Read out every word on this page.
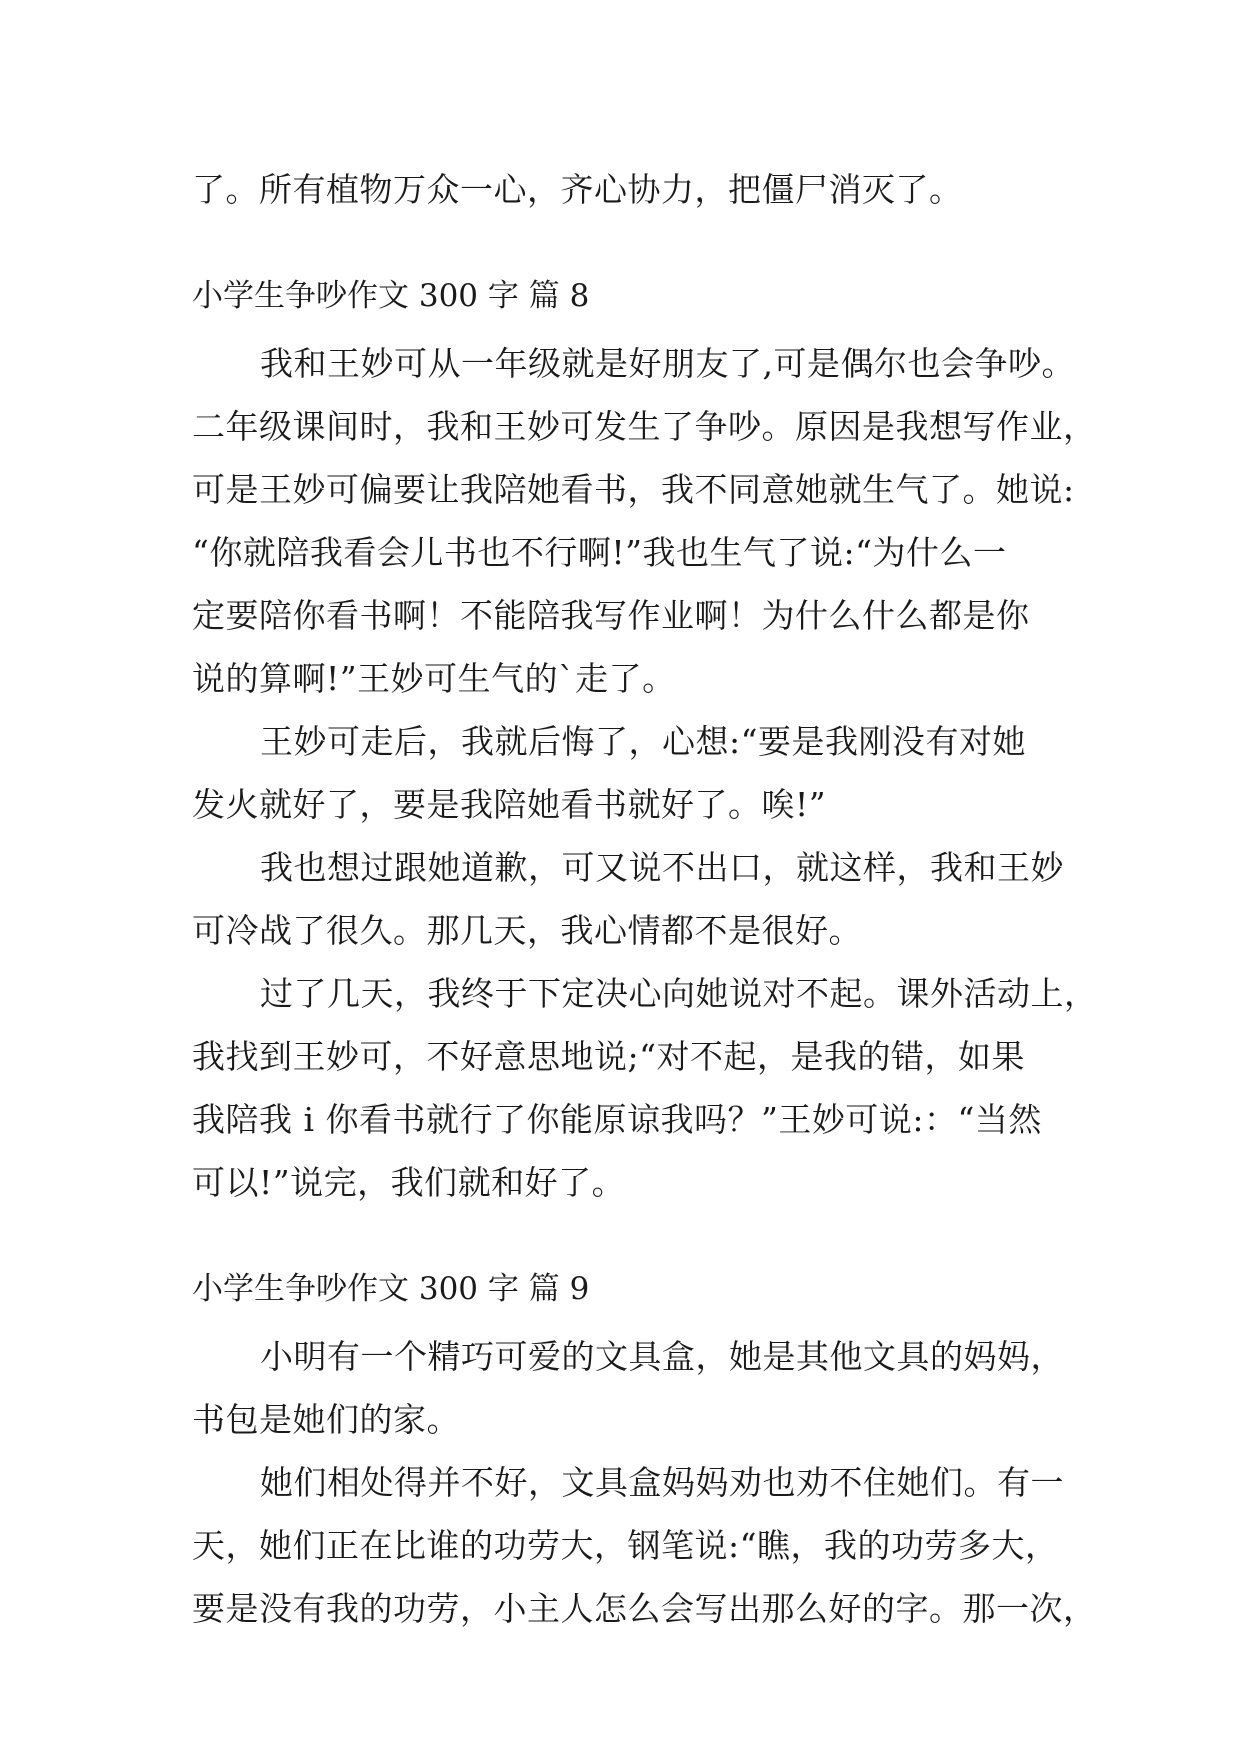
了。所有植物万众一心，齐心协力，把僵尸消灭了。
小学生争吵作文 300 字 篇 8
我和王妙可从一年级就是好朋友了,可是偶尔也会争吵。
二年级课间时，我和王妙可发生了争吵。原因是我想写作业，
可是王妙可偏要让我陪她看书，我不同意她就生气了。她说:
“你就陪我看会儿书也不行啊!”我也生气了说:“为什么一
定要陪你看书啊！不能陪我写作业啊！为什么什么都是你
说的算啊!”王妙可生气的`走了。
王妙可走后，我就后悔了，心想:“要是我刚没有对她
发火就好了，要是我陪她看书就好了。唉!”
我也想过跟她道歉，可又说不出口，就这样，我和王妙
可冷战了很久。那几天，我心情都不是很好。
过了几天，我终于下定决心向她说对不起。课外活动上，
我找到王妙可，不好意思地说;“对不起，是我的错，如果
我陪我 i 你看书就行了你能原谅我吗？”王妙可说:：“当然
可以!”说完，我们就和好了。
小学生争吵作文 300 字 篇 9
小明有一个精巧可爱的文具盒，她是其他文具的妈妈，
书包是她们的家。
她们相处得并不好，文具盒妈妈劝也劝不住她们。有一
天，她们正在比谁的功劳大，钢笔说:“瞧，我的功劳多大，
要是没有我的功劳，小主人怎么会写出那么好的字。那一次，
